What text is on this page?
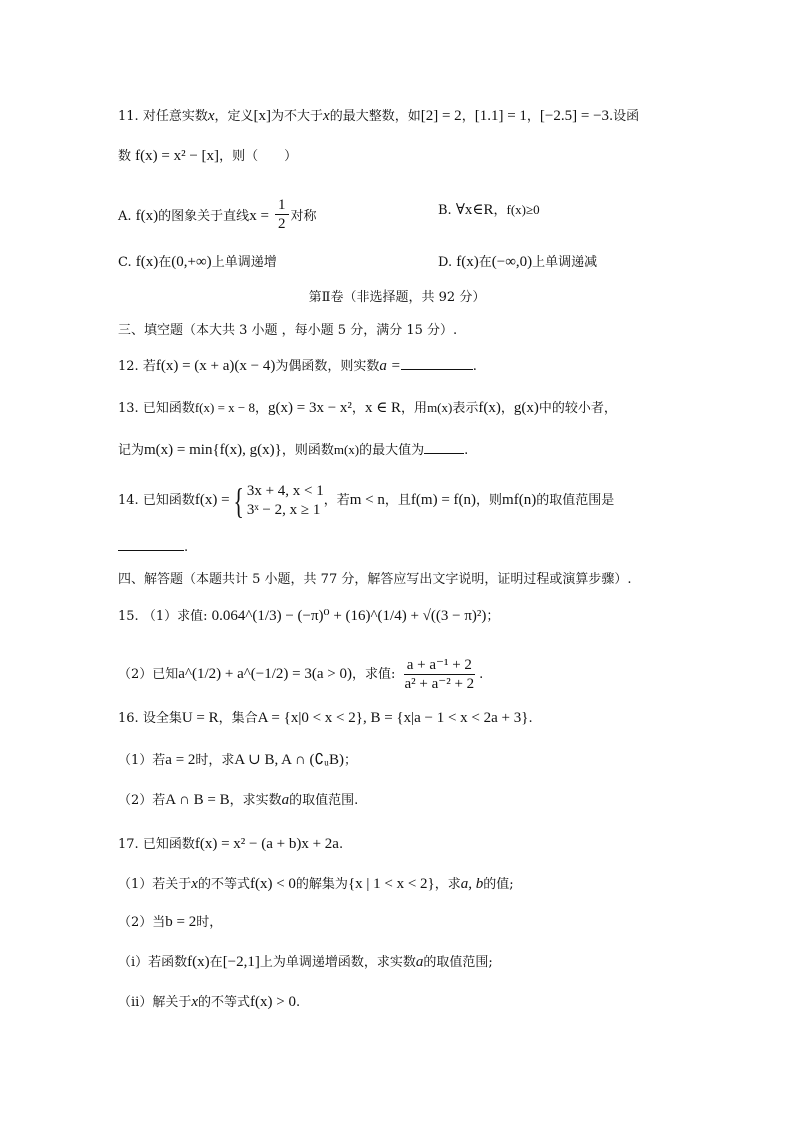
11. 对任意实数x，定义[x]为不大于x的最大整数，如[2] = 2，[1.1] = 1，[−2.5] = −3.设函
数 f(x) = x² − [x]，则（　　）
A. f(x)的图象关于直线$x = \frac{1}{2}$ 对称	B. ∀x∈R，f(x)≥0
C. f(x)在(0,+∞)上单调递增	D. f(x)在(−∞,0)上单调递减
第Ⅱ卷（非选择题，共 92 分）
三、填空题（本大共 3 小题 ，每小题 5 分，满分 15 分）.
12. 若f(x) = (x + a)(x − 4)为偶函数，则实数a =	.
13. 已知函数f(x) = x − 8，g(x) = 3x − x²，x ∈ R，用m(x)表示f(x)，g(x)中的较小者，
记为m(x) = min{f(x), g(x)}，则函数m(x)的最大值为	.
14. 已知函数f(x) ={ 3x + 4, x < 1
3ˣ − 2, x ≥ 1
，若m < n，且f(m) = f(n)，则mf(n)的取值范围是
.
四、解答题（本题共计 5 小题，共 77 分，解答应写出文字说明，证明过程或演算步骤）.
15. （1）求值: 0.064^(1/3) − (−π)⁰ + (16)^(1/4) + √((3 − π)²)；
（2）已知a^(1/2) + a^(−1/2) = 3(a > 0)，求值: $\frac{\text{a + a⁻¹ + 2}}{\text{a² + a⁻² + 2}}$ .
16. 设全集U = R，集合A = {x|0 < x < 2}, B = {x|a − 1 < x < 2a + 3}.
（1）若a = 2时，求A ∪ B, A ∩ (∁ᵤB)；
（2）若A ∩ B = B，求实数a的取值范围.
17. 已知函数f(x) = x² − (a + b)x + 2a.
（1）若关于x的不等式f(x) < 0的解集为{x | 1 < x < 2}，求a, b的值;
（2）当b = 2时，
（i）若函数f(x)在[−2,1]上为单调递增函数，求实数a的取值范围;
（ii）解关于x的不等式f(x) > 0.
